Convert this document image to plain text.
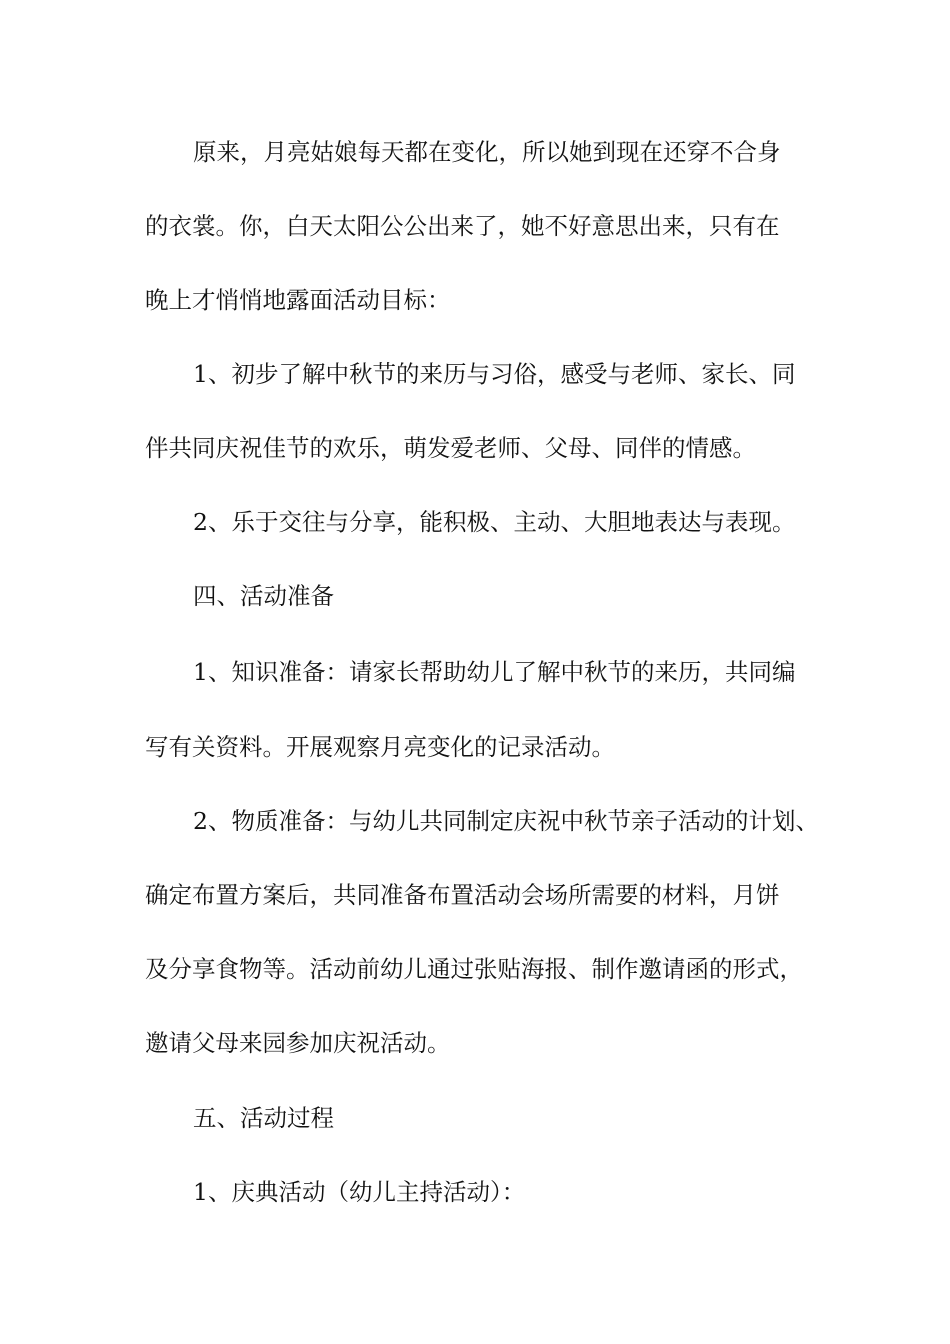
原来，月亮姑娘每天都在变化，所以她到现在还穿不合身

的衣裳。你，白天太阳公公出来了，她不好意思出来，只有在

晚上才悄悄地露面活动目标：

1、初步了解中秋节的来历与习俗，感受与老师、家长、同

伴共同庆祝佳节的欢乐，萌发爱老师、父母、同伴的情感。

2、乐于交往与分享，能积极、主动、大胆地表达与表现。

四、活动准备

1、知识准备：请家长帮助幼儿了解中秋节的来历，共同编

写有关资料。开展观察月亮变化的记录活动。

2、物质准备：与幼儿共同制定庆祝中秋节亲子活动的计划、

确定布置方案后，共同准备布置活动会场所需要的材料，月饼

及分享食物等。活动前幼儿通过张贴海报、制作邀请函的形式，

邀请父母来园参加庆祝活动。

五、活动过程

1、庆典活动（幼儿主持活动）：
